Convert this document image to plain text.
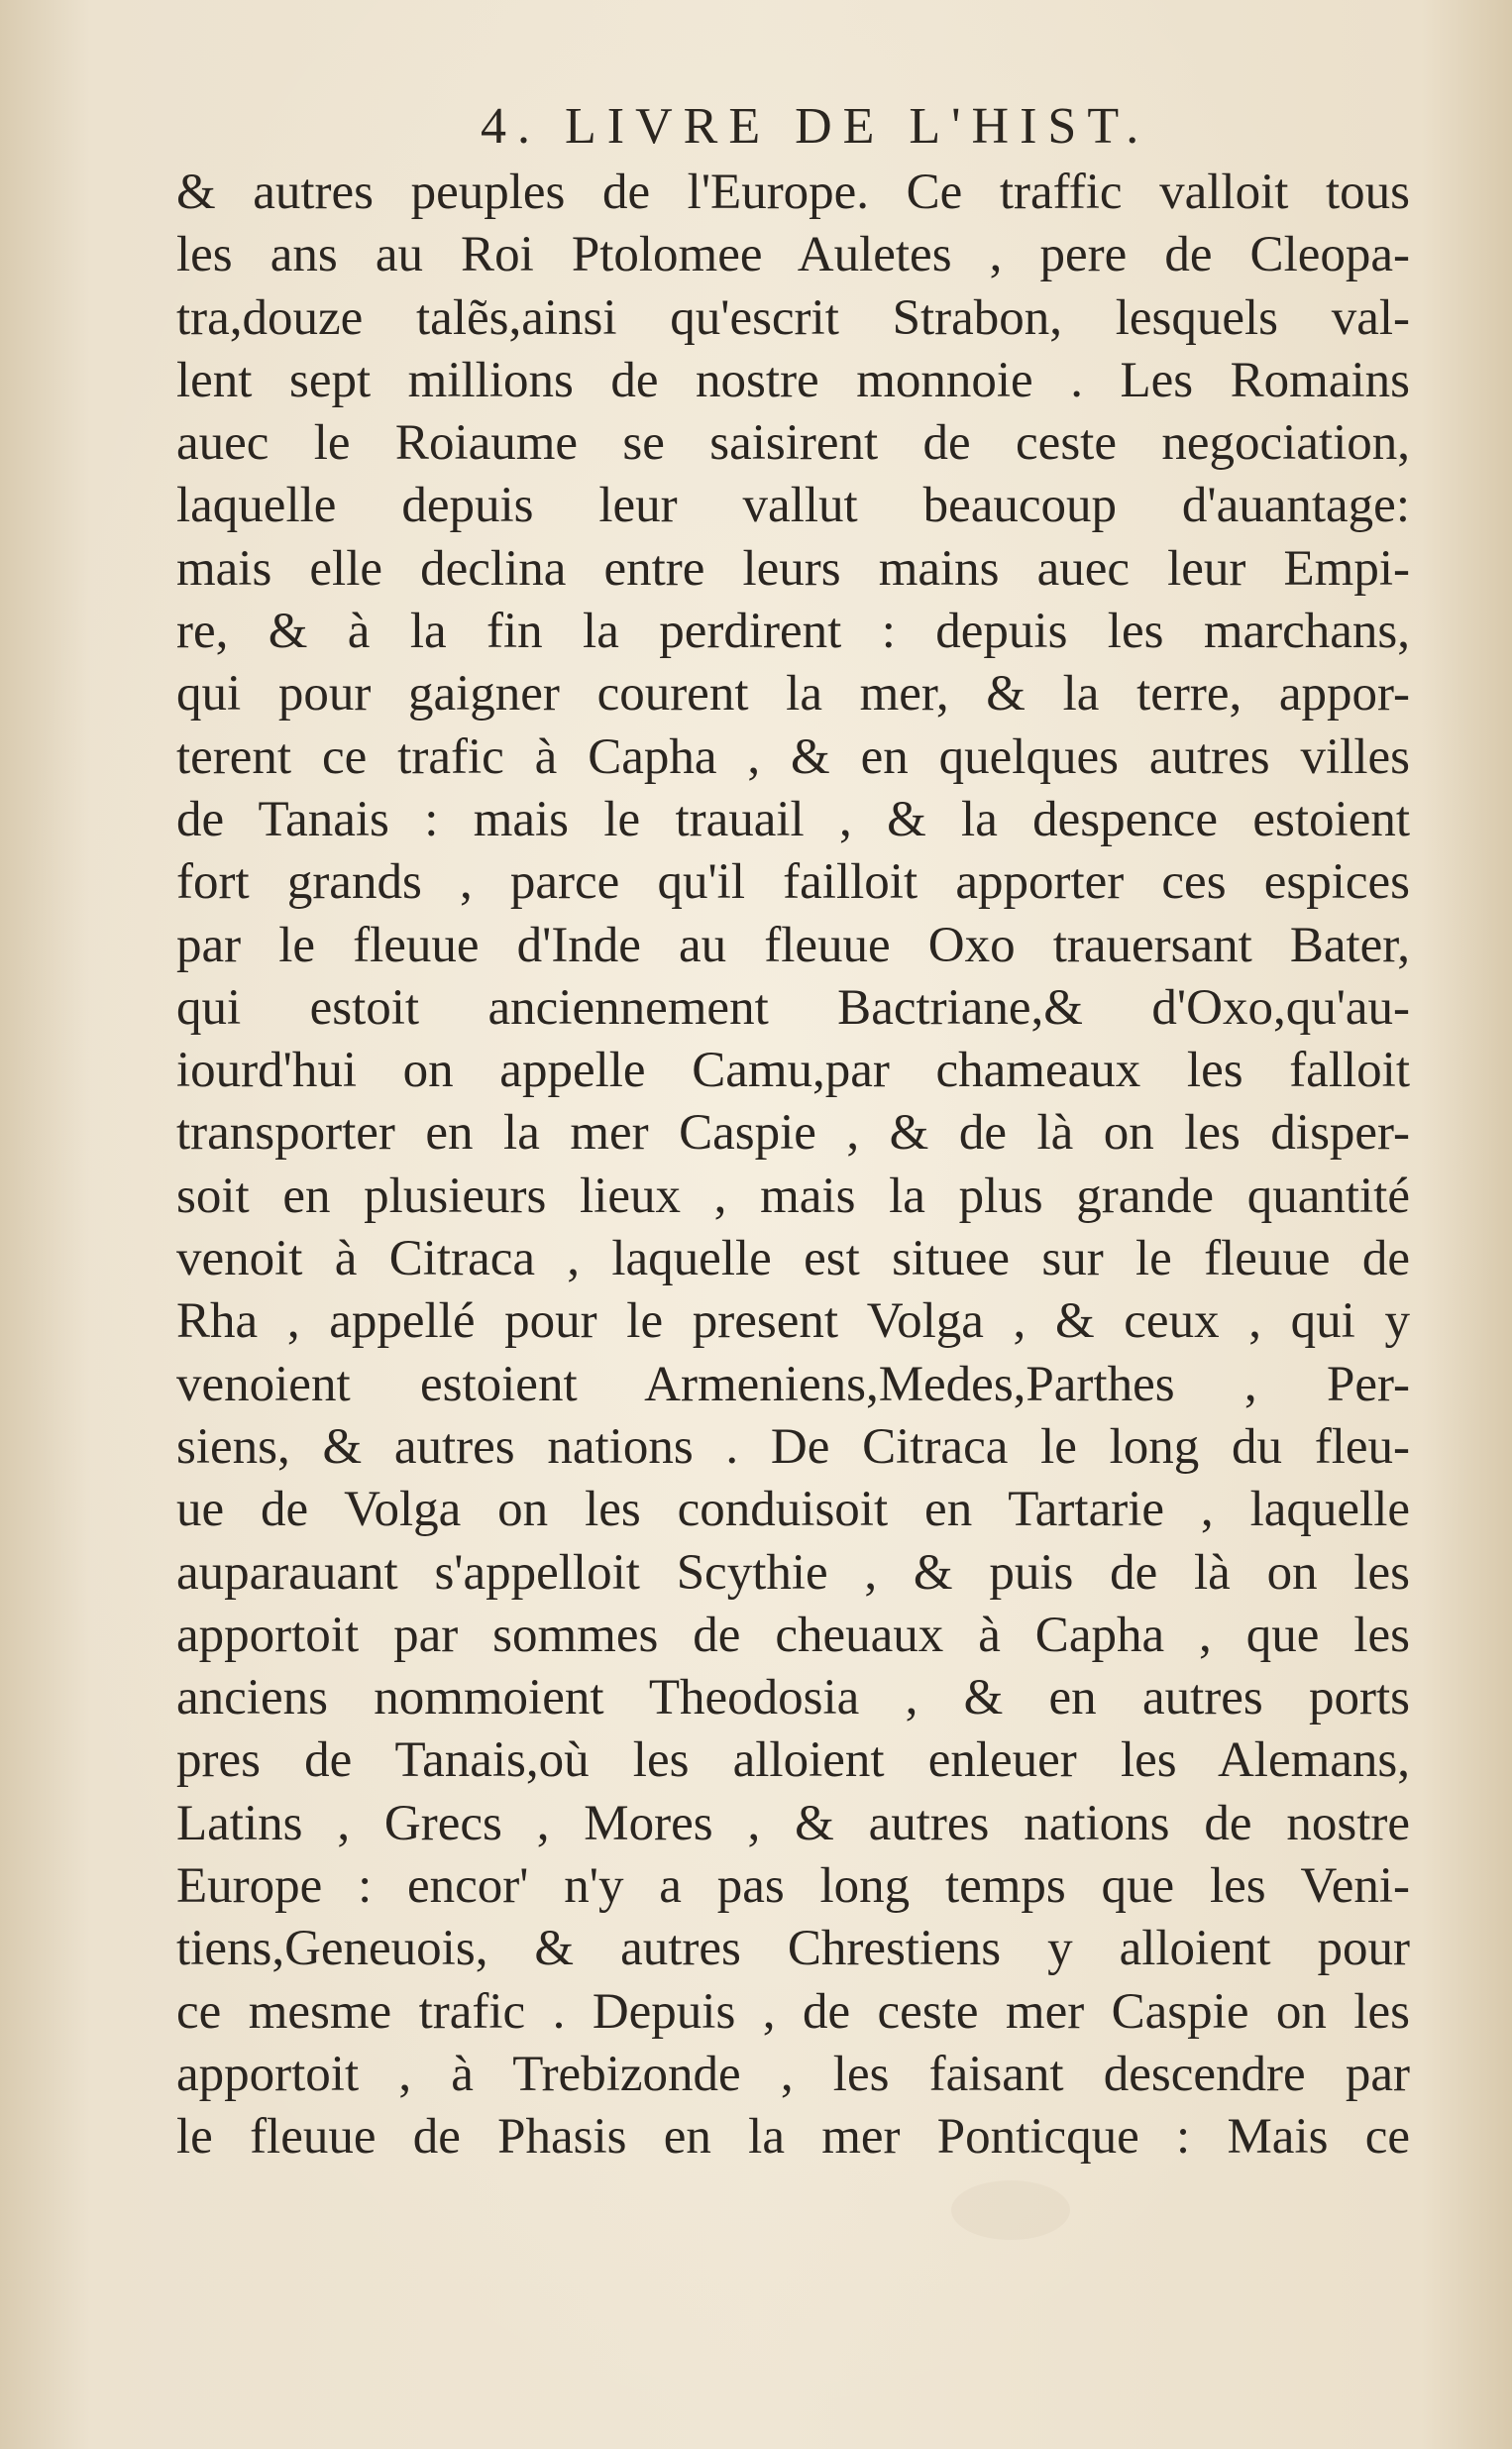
4. LIVRE DE L'HIST.
& autres peuples de l'Europe. Ce traffic valloit tous
les ans au Roi Ptolomee Auletes , pere de Cleopa-
tra,douze talẽs,ainsi qu'escrit Strabon, lesquels val-
lent sept millions de nostre monnoie . Les Romains
auec le Roiaume se saisirent de ceste negociation,
laquelle depuis leur vallut beaucoup d'auantage:
mais elle declina entre leurs mains auec leur Empi-
re, & à la fin la perdirent : depuis les marchans,
qui pour gaigner courent la mer, & la terre, appor-
terent ce trafic à Capha , & en quelques autres villes
de Tanais : mais le trauail , & la despence estoient
fort grands , parce qu'il failloit apporter ces espices
par le fleuue d'Inde au fleuue Oxo trauersant Bater,
qui estoit anciennement Bactriane,& d'Oxo,qu'au-
iourd'hui on appelle Camu,par chameaux les falloit
transporter en la mer Caspie , & de là on les disper-
soit en plusieurs lieux , mais la plus grande quantité
venoit à Citraca , laquelle est situee sur le fleuue de
Rha , appellé pour le present Volga , & ceux , qui y
venoient estoient Armeniens,Medes,Parthes , Per-
siens, & autres nations . De Citraca le long du fleu-
ue de Volga on les conduisoit en Tartarie , laquelle
auparauant s'appelloit Scythie , & puis de là on les
apportoit par sommes de cheuaux à Capha , que les
anciens nommoient Theodosia , & en autres ports
pres de Tanais,où les alloient enleuer les Alemans,
Latins , Grecs , Mores , & autres nations de nostre
Europe : encor' n'y a pas long temps que les Veni-
tiens,Geneuois, & autres Chrestiens y alloient pour
ce mesme trafic . Depuis , de ceste mer Caspie on les
apportoit , à Trebizonde , les faisant descendre par
le fleuue de Phasis en la mer Ponticque : Mais ce
